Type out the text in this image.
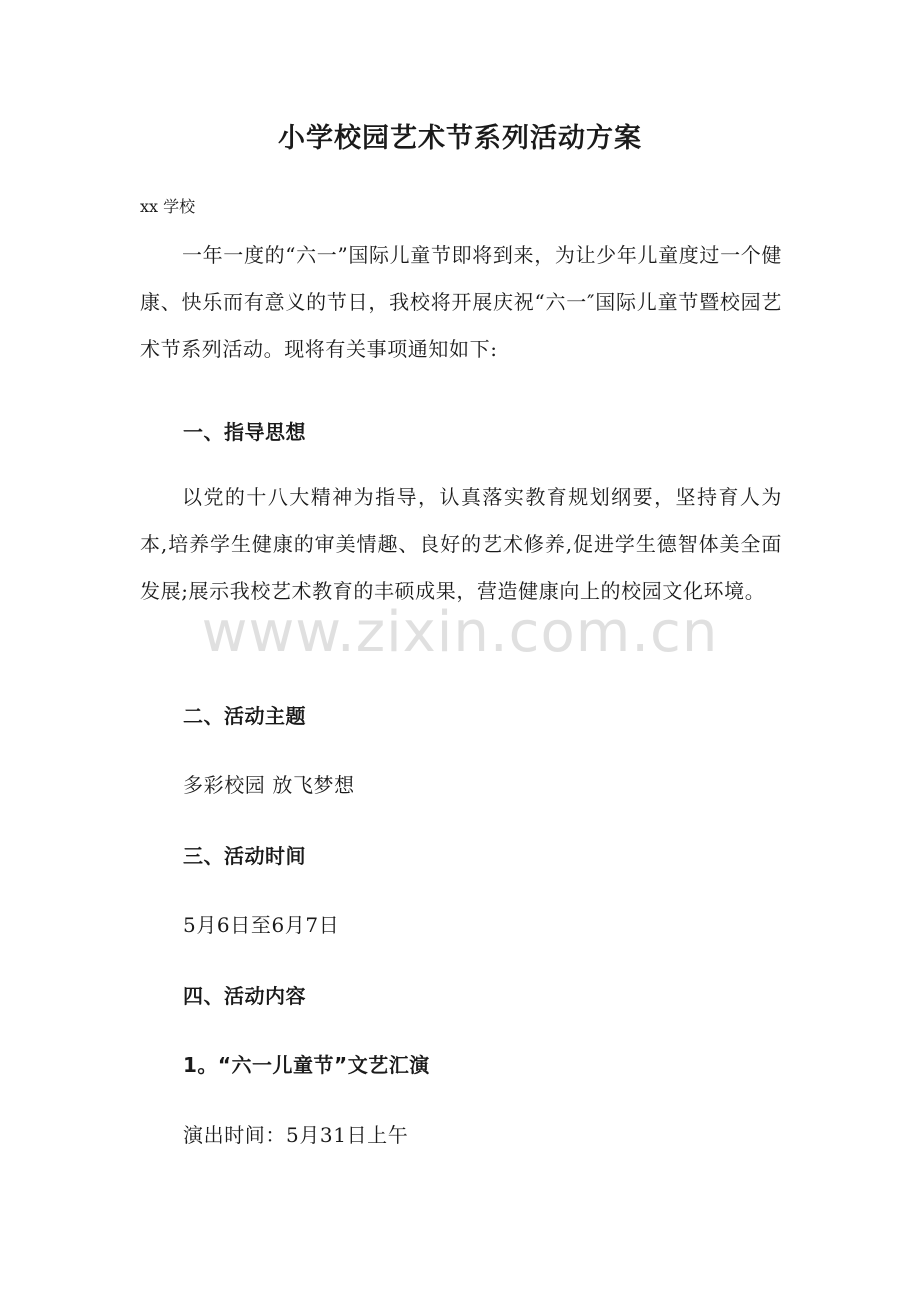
小学校园艺术节系列活动方案
xx 学校
一年一度的“六一”国际儿童节即将到来，为让少年儿童度过一个健康、快乐而有意义的节日，我校将开展庆祝“六一″国际儿童节暨校园艺术节系列活动。现将有关事项通知如下:
一、指导思想
以党的十八大精神为指导，认真落实教育规划纲要，坚持育人为本,培养学生健康的审美情趣、良好的艺术修养,促进学生德智体美全面发展;展示我校艺术教育的丰硕成果，营造健康向上的校园文化环境。
www.zixin.com.cn
二、活动主题
多彩校园 放飞梦想
三、活动时间
5月6日至6月7日
四、活动内容
1。“六一儿童节”文艺汇演
演出时间：5月31日上午
